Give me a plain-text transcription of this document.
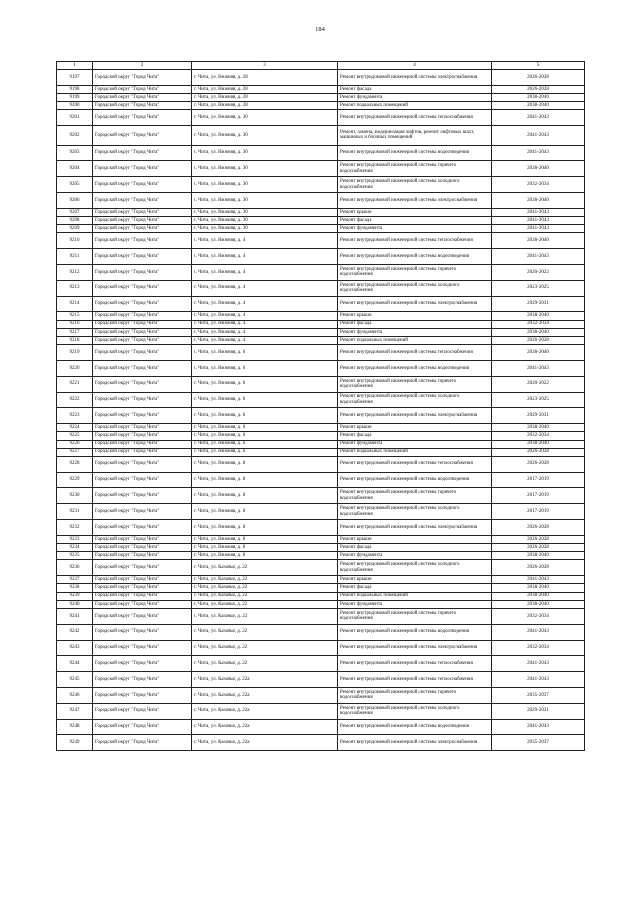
184
1	2	3	4	5
9197	Городской округ "Город Чита"	г. Чита, ул. Нижняя, д. 28	Ремонт внутридомовой инженерной системы электроснабжения	2026-2028
9198	Городской округ "Город Чита"	г. Чита, ул. Нижняя, д. 28	Ремонт фасада	2026-2028
9199	Городской округ "Город Чита"	г. Чита, ул. Нижняя, д. 28	Ремонт фундамента	2038-2040
9200	Городской округ "Город Чита"	г. Чита, ул. Нижняя, д. 28	Ремонт подвальных помещений	2038-2040
9201	Городской округ "Город Чита"	г. Чита, ул. Нижняя, д. 30	Ремонт внутридомовой инженерной системы теплоснабжения	2041-2043
9202	Городской округ "Город Чита"	г. Чита, ул. Нижняя, д. 30	Ремонт, замена, модернизация лифтов, ремонт лифтовых шахт, машинных и блочных помещений	2041-2043
9203	Городской округ "Город Чита"	г. Чита, ул. Нижняя, д. 30	Ремонт внутридомовой инженерной системы водоотведения	2041-2043
9204	Городской округ "Город Чита"	г. Чита, ул. Нижняя, д. 30	Ремонт внутридомовой инженерной системы горячего водоснабжения	2038-2040
9205	Городской округ "Город Чита"	г. Чита, ул. Нижняя, д. 30	Ремонт внутридомовой инженерной системы холодного водоснабжения	2032-2034
9206	Городской округ "Город Чита"	г. Чита, ул. Нижняя, д. 30	Ремонт внутридомовой инженерной системы электроснабжения	2038-2040
9207	Городской округ "Город Чита"	г. Чита, ул. Нижняя, д. 30	Ремонт крыши	2041-2043
9208	Городской округ "Город Чита"	г. Чита, ул. Нижняя, д. 30	Ремонт фасада	2041-2043
9209	Городской округ "Город Чита"	г. Чита, ул. Нижняя, д. 30	Ремонт фундамента	2041-2043
9210	Городской округ "Город Чита"	г. Чита, ул. Нижняя, д. 4	Ремонт внутридомовой инженерной системы теплоснабжения	2038-2040
9211	Городской округ "Город Чита"	г. Чита, ул. Нижняя, д. 4	Ремонт внутридомовой инженерной системы водоотведения	2041-2043
9212	Городской округ "Город Чита"	г. Чита, ул. Нижняя, д. 4	Ремонт внутридомовой инженерной системы горячего водоснабжения	2020-2022
9213	Городской округ "Город Чита"	г. Чита, ул. Нижняя, д. 4	Ремонт внутридомовой инженерной системы холодного водоснабжения	2023-2025
9214	Городской округ "Город Чита"	г. Чита, ул. Нижняя, д. 4	Ремонт внутридомовой инженерной системы электроснабжения	2029-2031
9215	Городской округ "Город Чита"	г. Чита, ул. Нижняя, д. 4	Ремонт крыши	2038-2040
9216	Городской округ "Город Чита"	г. Чита, ул. Нижняя, д. 4	Ремонт фасада	2032-2034
9217	Городской округ "Город Чита"	г. Чита, ул. Нижняя, д. 4	Ремонт фундамента	2038-2040
9218	Городской округ "Город Чита"	г. Чита, ул. Нижняя, д. 4	Ремонт подвальных помещений	2026-2028
9219	Городской округ "Город Чита"	г. Чита, ул. Нижняя, д. 6	Ремонт внутридомовой инженерной системы теплоснабжения	2038-2040
9220	Городской округ "Город Чита"	г. Чита, ул. Нижняя, д. 6	Ремонт внутридомовой инженерной системы водоотведения	2041-2043
9221	Городской округ "Город Чита"	г. Чита, ул. Нижняя, д. 6	Ремонт внутридомовой инженерной системы горячего водоснабжения	2020-2022
9222	Городской округ "Город Чита"	г. Чита, ул. Нижняя, д. 6	Ремонт внутридомовой инженерной системы холодного водоснабжения	2023-2025
9223	Городской округ "Город Чита"	г. Чита, ул. Нижняя, д. 6	Ремонт внутридомовой инженерной системы электроснабжения	2029-2031
9224	Городской округ "Город Чита"	г. Чита, ул. Нижняя, д. 6	Ремонт крыши	2038-2040
9225	Городской округ "Город Чита"	г. Чита, ул. Нижняя, д. 6	Ремонт фасада	2032-2034
9226	Городской округ "Город Чита"	г. Чита, ул. Нижняя, д. 6	Ремонт фундамента	2038-2040
9227	Городской округ "Город Чита"	г. Чита, ул. Нижняя, д. 6	Ремонт подвальных помещений	2026-2028
9228	Городской округ "Город Чита"	г. Чита, ул. Нижняя, д. 8	Ремонт внутридомовой инженерной системы теплоснабжения	2026-2028
9229	Городской округ "Город Чита"	г. Чита, ул. Нижняя, д. 8	Ремонт внутридомовой инженерной системы водоотведения	2017-2019
9230	Городской округ "Город Чита"	г. Чита, ул. Нижняя, д. 8	Ремонт внутридомовой инженерной системы горячего водоснабжения	2017-2019
9231	Городской округ "Город Чита"	г. Чита, ул. Нижняя, д. 8	Ремонт внутридомовой инженерной системы холодного водоснабжения	2017-2019
9232	Городской округ "Город Чита"	г. Чита, ул. Нижняя, д. 8	Ремонт внутридомовой инженерной системы электроснабжения	2026-2028
9233	Городской округ "Город Чита"	г. Чита, ул. Нижняя, д. 8	Ремонт крыши	2026-2028
9234	Городской округ "Город Чита"	г. Чита, ул. Нижняя, д. 8	Ремонт фасада	2026-2028
9235	Городской округ "Город Чита"	г. Чита, ул. Нижняя, д. 8	Ремонт фундамента	2038-2040
9236	Городской округ "Город Чита"	г. Чита, ул. Казачья, д. 22	Ремонт внутридомовой инженерной системы холодного водоснабжения	2026-2028
9237	Городской округ "Город Чита"	г. Чита, ул. Казачья, д. 22	Ремонт крыши	2041-2043
9238	Городской округ "Город Чита"	г. Чита, ул. Казачья, д. 22	Ремонт фасада	2038-2040
9239	Городской округ "Город Чита"	г. Чита, ул. Казачья, д. 22	Ремонт подвальных помещений	2038-2040
9240	Городской округ "Город Чита"	г. Чита, ул. Казачья, д. 22	Ремонт фундамента	2038-2040
9241	Городской округ "Город Чита"	г. Чита, ул. Казачья, д. 22	Ремонт внутридомовой инженерной системы горячего водоснабжения	2032-2034
9242	Городской округ "Город Чита"	г. Чита, ул. Казачья, д. 22	Ремонт внутридомовой инженерной системы водоотведения	2041-2043
9243	Городской округ "Город Чита"	г. Чита, ул. Казачья, д. 22	Ремонт внутридомовой инженерной системы электроснабжения	2032-2034
9244	Городской округ "Город Чита"	г. Чита, ул. Казачья, д. 22	Ремонт внутридомовой инженерной системы теплоснабжения	2041-2043
9245	Городской округ "Город Чита"	г. Чита, ул. Казачья, д. 22а	Ремонт внутридомовой инженерной системы теплоснабжения	2041-2043
9246	Городской округ "Город Чита"	г. Чита, ул. Казачья, д. 22а	Ремонт внутридомовой инженерной системы горячего водоснабжения	2035-2037
9247	Городской округ "Город Чита"	г. Чита, ул. Казачья, д. 22а	Ремонт внутридомовой инженерной системы холодного водоснабжения	2029-2031
9248	Городской округ "Город Чита"	г. Чита, ул. Казачья, д. 22а	Ремонт внутридомовой инженерной системы водоотведения	2041-2043
9249	Городской округ "Город Чита"	г. Чита, ул. Казачья, д. 22а	Ремонт внутридомовой инженерной системы электроснабжения	2035-2037
